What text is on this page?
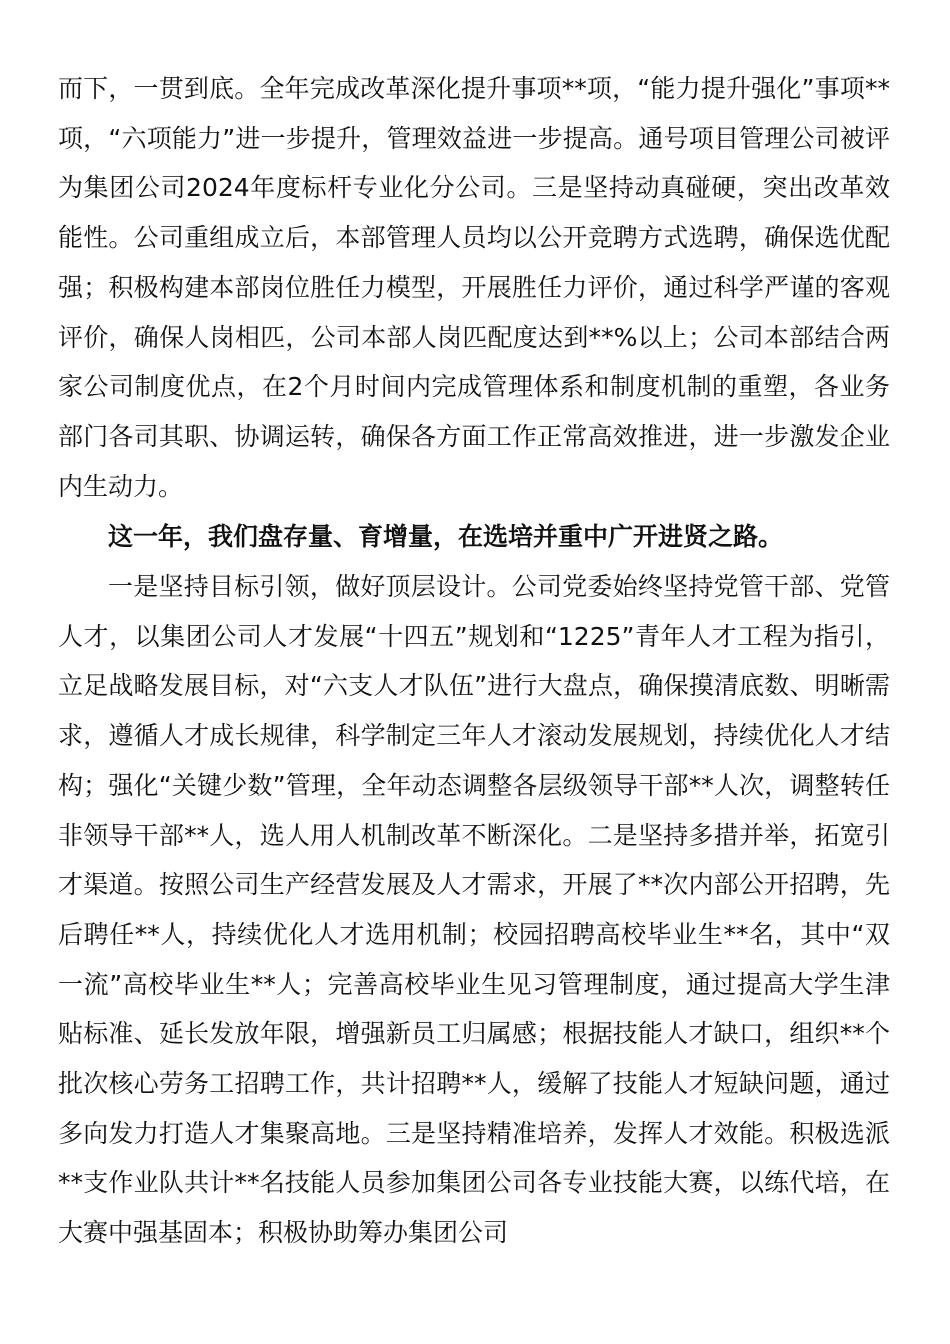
而下，一贯到底。全年完成改革深化提升事项**项，“能力提升强化”事项**项，“六项能力”进一步提升，管理效益进一步提高。通号项目管理公司被评为集团公司2024年度标杆专业化分公司。三是坚持动真碰硬，突出改革效能性。公司重组成立后，本部管理人员均以公开竞聘方式选聘，确保选优配强；积极构建本部岗位胜任力模型，开展胜任力评价，通过科学严谨的客观评价，确保人岗相匹，公司本部人岗匹配度达到**%以上；公司本部结合两家公司制度优点，在2个月时间内完成管理体系和制度机制的重塑，各业务部门各司其职、协调运转，确保各方面工作正常高效推进，进一步激发企业内生动力。

这一年，我们盘存量、育增量，在选培并重中广开进贤之路。

一是坚持目标引领，做好顶层设计。公司党委始终坚持党管干部、党管人才，以集团公司人才发展“十四五”规划和“1225”青年人才工程为指引，立足战略发展目标，对“六支人才队伍”进行大盘点，确保摸清底数、明晰需求，遵循人才成长规律，科学制定三年人才滚动发展规划，持续优化人才结构；强化“关键少数”管理，全年动态调整各层级领导干部**人次，调整转任非领导干部**人，选人用人机制改革不断深化。二是坚持多措并举，拓宽引才渠道。按照公司生产经营发展及人才需求，开展了**次内部公开招聘，先后聘任**人，持续优化人才选用机制；校园招聘高校毕业生**名，其中“双一流”高校毕业生**人；完善高校毕业生见习管理制度，通过提高大学生津贴标准、延长发放年限，增强新员工归属感；根据技能人才缺口，组织**个批次核心劳务工招聘工作，共计招聘**人，缓解了技能人才短缺问题，通过多向发力打造人才集聚高地。三是坚持精准培养，发挥人才效能。积极选派**支作业队共计**名技能人员参加集团公司各专业技能大赛，以练代培，在大赛中强基固本；积极协助筹办集团公司
